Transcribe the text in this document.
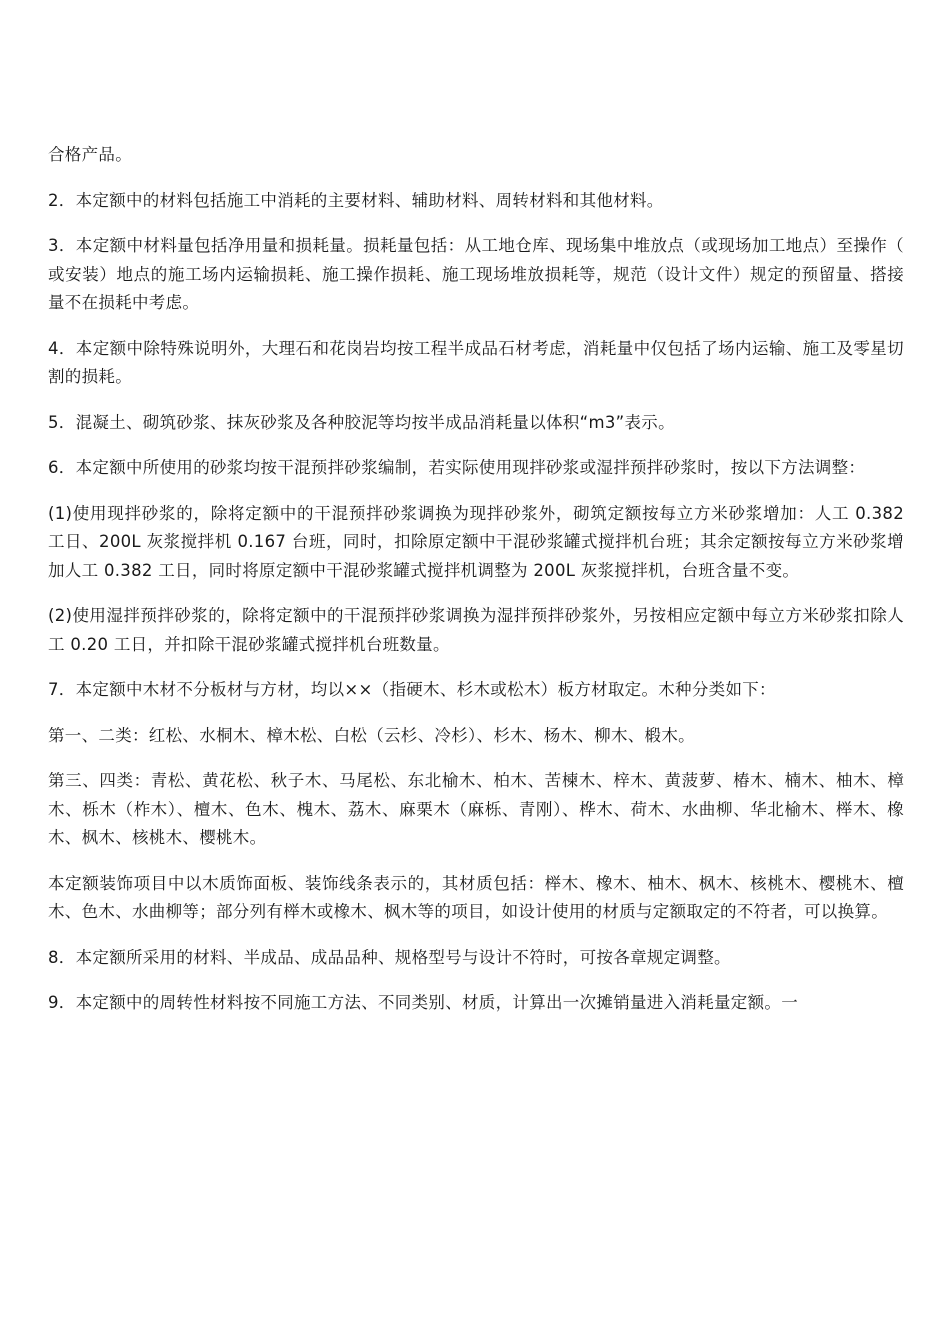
合格产品。

2．本定额中的材料包括施工中消耗的主要材料、辅助材料、周转材料和其他材料。

3．本定额中材料量包括净用量和损耗量。损耗量包括：从工地仓库、现场集中堆放点（或现场加工地点）至操作（或安装）地点的施工场内运输损耗、施工操作损耗、施工现场堆放损耗等，规范（设计文件）规定的预留量、搭接量不在损耗中考虑。

4．本定额中除特殊说明外，大理石和花岗岩均按工程半成品石材考虑，消耗量中仅包括了场内运输、施工及零星切割的损耗。

5．混凝土、砌筑砂浆、抹灰砂浆及各种胶泥等均按半成品消耗量以体积“m3”表示。

6．本定额中所使用的砂浆均按干混预拌砂浆编制，若实际使用现拌砂浆或湿拌预拌砂浆时，按以下方法调整：

(1)使用现拌砂浆的，除将定额中的干混预拌砂浆调换为现拌砂浆外，砌筑定额按每立方米砂浆增加：人工 0.382 工日、200L 灰浆搅拌机 0.167 台班，同时，扣除原定额中干混砂浆罐式搅拌机台班；其余定额按每立方米砂浆增加人工 0.382 工日，同时将原定额中干混砂浆罐式搅拌机调整为 200L 灰浆搅拌机，台班含量不变。

(2)使用湿拌预拌砂浆的，除将定额中的干混预拌砂浆调换为湿拌预拌砂浆外，另按相应定额中每立方米砂浆扣除人工 0.20 工日，并扣除干混砂浆罐式搅拌机台班数量。

7．本定额中木材不分板材与方材，均以××（指硬木、杉木或松木）板方材取定。木种分类如下：

第一、二类：红松、水桐木、樟木松、白松（云杉、冷杉）、杉木、杨木、柳木、椴木。

第三、四类：青松、黄花松、秋子木、马尾松、东北榆木、柏木、苦楝木、梓木、黄菠萝、椿木、楠木、柚木、樟木、栎木（柞木）、檀木、色木、槐木、荔木、麻栗木（麻栎、青刚）、桦木、荷木、水曲柳、华北榆木、榉木、橡木、枫木、核桃木、樱桃木。

本定额装饰项目中以木质饰面板、装饰线条表示的，其材质包括：榉木、橡木、柚木、枫木、核桃木、樱桃木、檀木、色木、水曲柳等；部分列有榉木或橡木、枫木等的项目，如设计使用的材质与定额取定的不符者，可以换算。

8．本定额所采用的材料、半成品、成品品种、规格型号与设计不符时，可按各章规定调整。

9．本定额中的周转性材料按不同施工方法、不同类别、材质，计算出一次摊销量进入消耗量定额。一
